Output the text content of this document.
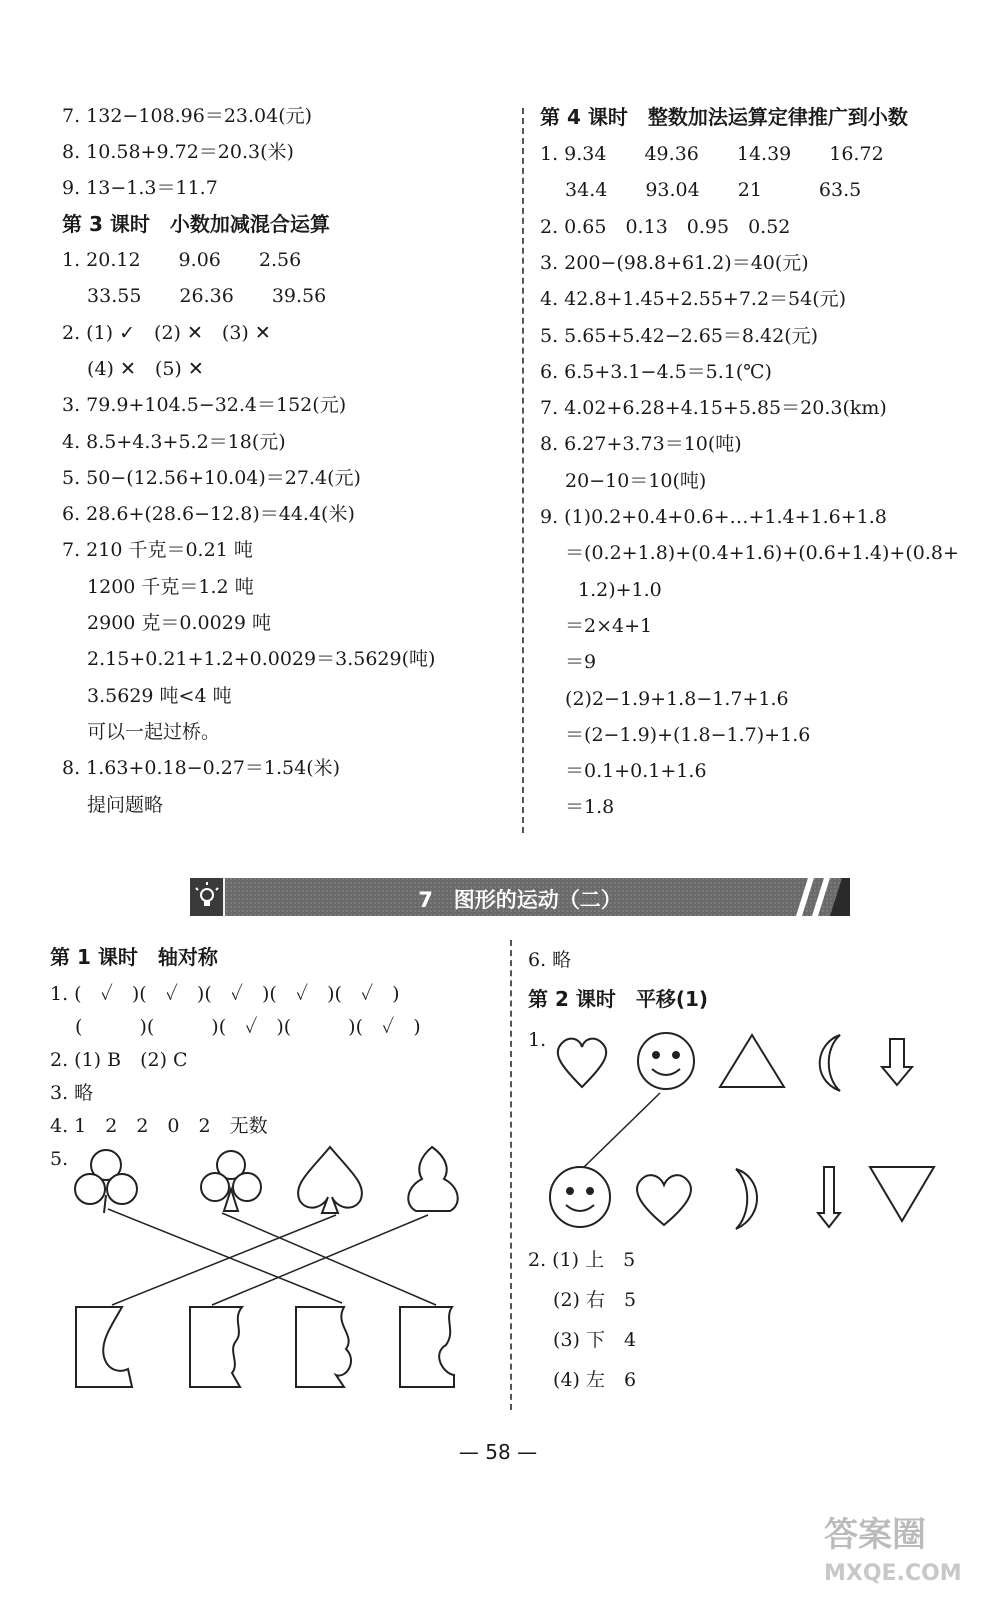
7. 132−108.96＝23.04(元)
8. 10.58+9.72＝20.3(米)
9. 13−1.3＝11.7
第 3 课时　小数加减混合运算
1. 20.12　　9.06　　2.56
　 33.55　　26.36　　39.56
2. (1) ✓　(2) ✕　(3) ✕
　 (4) ✕　(5) ✕
3. 79.9+104.5−32.4＝152(元)
4. 8.5+4.3+5.2＝18(元)
5. 50−(12.56+10.04)＝27.4(元)
6. 28.6+(28.6−12.8)＝44.4(米)
7. 210 千克＝0.21 吨
　 1200 千克＝1.2 吨
　 2900 克＝0.0029 吨
　 2.15+0.21+1.2+0.0029＝3.5629(吨)
　 3.5629 吨<4 吨
　 可以一起过桥。
8. 1.63+0.18−0.27＝1.54(米)
　 提问题略
第 4 课时　整数加法运算定律推广到小数
1. 9.34　　49.36　　14.39　　16.72
　 34.4　　93.04　　21　　　63.5
2. 0.65　0.13　0.95　0.52
3. 200−(98.8+61.2)＝40(元)
4. 42.8+1.45+2.55+7.2＝54(元)
5. 5.65+5.42−2.65＝8.42(元)
6. 6.5+3.1−4.5＝5.1(℃)
7. 4.02+6.28+4.15+5.85＝20.3(km)
8. 6.27+3.73＝10(吨)
　 20−10＝10(吨)
9. (1)0.2+0.4+0.6+…+1.4+1.6+1.8
　 ＝(0.2+1.8)+(0.4+1.6)+(0.6+1.4)+(0.8+
　　1.2)+1.0
　 ＝2×4+1
　 ＝9
　 (2)2−1.9+1.8−1.7+1.6
　 ＝(2−1.9)+(1.8−1.7)+1.6
　 ＝0.1+0.1+1.6
　 ＝1.8
7　图形的运动（二）
第 1 课时　轴对称
1. (　✓　)(　✓　)(　✓　)(　✓　)(　✓　)
　 (　　　)(　　　)(　✓　)(　　　)(　✓　)
2. (1) B　(2) C
3. 略
4. 1　2　2　0　2　无数
5.
6. 略
第 2 课时　平移(1)
1.
2. (1) 上　5
　 (2) 右　5
　 (3) 下　4
　 (4) 左　6
— 58 —
答案圈
MXQE.COM
